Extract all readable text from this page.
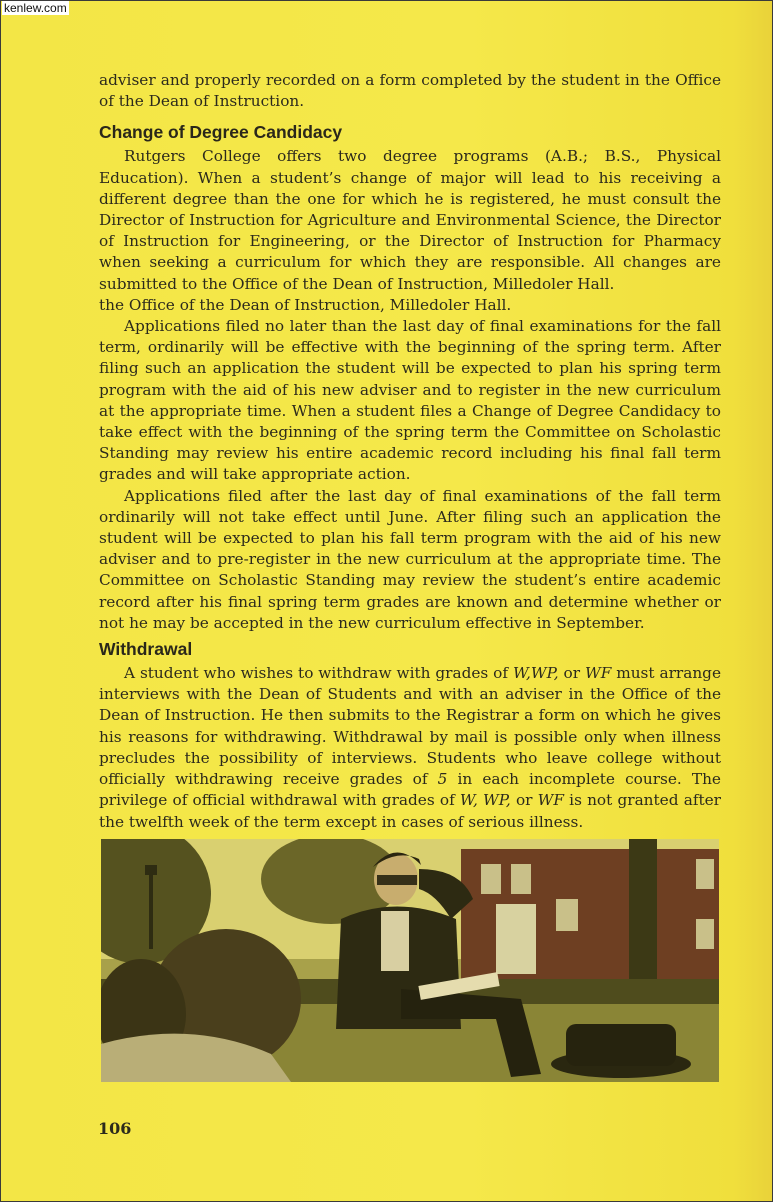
kenlew.com

adviser and properly recorded on a form completed by the student in the Office of the Dean of Instruction.

Change of Degree Candidacy

Rutgers College offers two degree programs (A.B.; B.S., Physical Education). When a student’s change of major will lead to his receiving a different degree than the one for which he is registered, he must consult the Director of Instruction for Agriculture and Environmental Science, the Director of Instruction for Engineering, or the Director of Instruction for Pharmacy when seeking a curriculum for which they are responsible. All changes are submitted to the Office of the Dean of Instruction, Milledoler Hall.

the Office of the Dean of Instruction, Milledoler Hall.

Applications filed no later than the last day of final examinations for the fall term, ordinarily will be effective with the beginning of the spring term. After filing such an application the student will be expected to plan his spring term program with the aid of his new adviser and to register in the new curriculum at the appropriate time. When a student files a Change of Degree Candidacy to take effect with the beginning of the spring term the Committee on Scholastic Standing may review his entire academic record including his final fall term grades and will take appropriate action.

Applications filed after the last day of final examinations of the fall term ordinarily will not take effect until June. After filing such an application the student will be expected to plan his fall term program with the aid of his new adviser and to pre-register in the new curriculum at the appropriate time. The Committee on Scholastic Standing may review the student’s entire academic record after his final spring term grades are known and determine whether or not he may be accepted in the new curriculum effective in September.

Withdrawal

A student who wishes to withdraw with grades of W,WP, or WF must arrange interviews with the Dean of Students and with an adviser in the Office of the Dean of Instruction. He then submits to the Registrar a form on which he gives his reasons for withdrawing. Withdrawal by mail is possible only when illness precludes the possibility of interviews. Students who leave college without officially withdrawing receive grades of 5 in each incomplete course. The privilege of official withdrawal with grades of W, WP, or WF is not granted after the twelfth week of the term except in cases of serious illness.

106
